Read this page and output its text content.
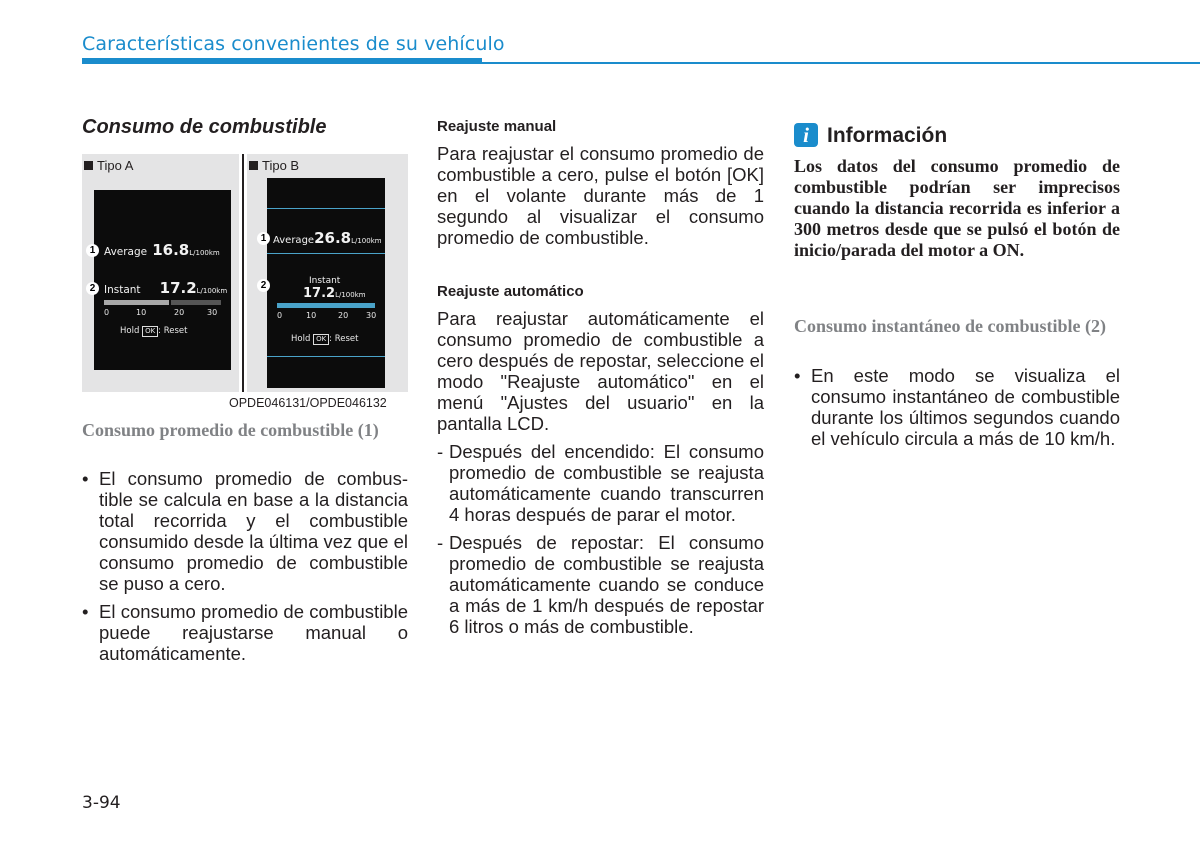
Características convenientes de su vehículo
Consumo de combustible
Tipo A
Average 16.8L/100km
Instant 17.2L/100km
0	10	20	30
Hold OK : Reset
1
2
Tipo B
Average26.8L/100km
Instant
17.2L/100km
0	10	20 30
Hold OK : Reset
1
2
OPDE046131/OPDE046132
Consumo promedio de combustible (1)
• El consumo promedio de combus-tible se calcula en base a la distancia total recorrida y el combustible consumido desde la última vez que el consumo promedio de combustible se puso a cero.
• El consumo promedio de combustible puede reajustarse manual o automáticamente.
Reajuste manual
Para reajustar el consumo promedio de combustible a cero, pulse el botón [OK] en el volante durante más de 1 segundo al visualizar el consumo promedio de combustible.
Reajuste automático
Para reajustar automáticamente el consumo promedio de combustible a cero después de repostar, seleccione el modo "Reajuste automático" en el menú "Ajustes del usuario" en la pantalla LCD.
- Después del encendido: El consumo promedio de combustible se reajusta automáticamente cuando transcurren 4 horas después de parar el motor.
- Después de repostar: El consumo promedio de combustible se reajusta automáticamente cuando se conduce a más de 1 km/h después de repostar 6 litros o más de combustible.
i Información
Los datos del consumo promedio de combustible podrían ser imprecisos cuando la distancia recorrida es inferior a 300 metros desde que se pulsó el botón de inicio/parada del motor a ON.
Consumo instantáneo de combustible (2)
• En este modo se visualiza el consumo instantáneo de combustible durante los últimos segundos cuando el vehículo circula a más de 10 km/h.
3-94
